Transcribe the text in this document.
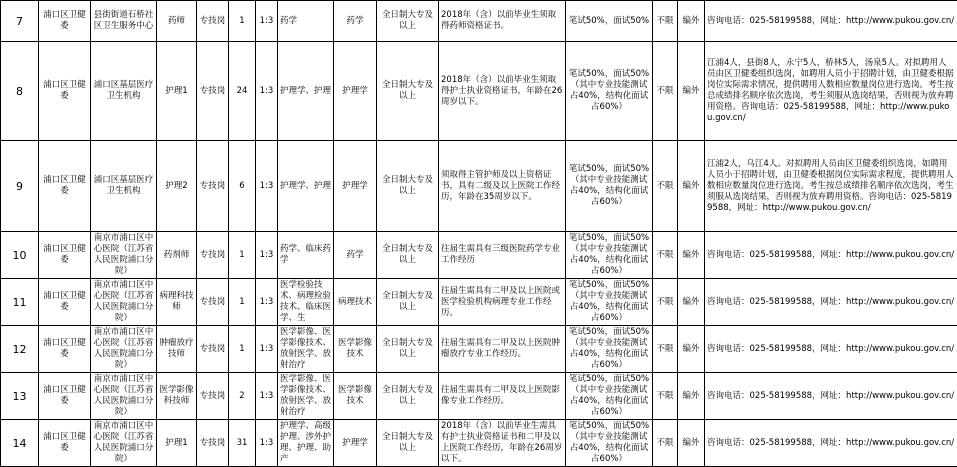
7	浦口区卫健委	县街街道石桥社区卫生服务中心	药师	专技岗	1	1:3	药学	药学	全日制大专及以上	2018年（含）以前毕业生须取得药师资格证书。	笔试50%，面试50%	不限	编外	咨询电话：025-58199588，网址：http://www.pukou.gov.cn/
8	浦口区卫健委	浦口区基层医疗卫生机构	护理1	专技岗	24	1:3	护理学、护理	护理学	全日制大专及以上	2018年（含）以前毕业生须取得护士执业资格证书，年龄在26周岁以下。	笔试50%，面试50%（其中专业技能测试占40%，结构化面试占60%）	不限	编外	江浦4人，县街8人，永宁5人，桥林5人，汤泉5人。对拟聘用人员由区卫健委组织选岗，如聘用人员小于招聘计划，由卫健委根据岗位实际需求情况，提供聘用人数相应数量岗位进行选岗。考生按总成绩排名顺序依次选岗，考生须服从选岗结果，否则视为放弃聘用资格。咨询电话：025-58199588，网址：http://www.pukou.gov.cn/
9	浦口区卫健委	浦口区基层医疗卫生机构	护理2	专技岗	6	1:3	护理学、护理	护理学	全日制大专及以上	须取得主管护师及以上资格证书，具有二级及以上医院工作经历，年龄在35周岁以下。	笔试50%，面试50%（其中专业技能测试占40%，结构化面试占60%）	不限	编外	江浦2人，乌江4人。对拟聘用人员由区卫健委组织选岗，如聘用人员小于招聘计划，由卫健委根据岗位实际需求程度，提供聘用人数相应数量岗位进行选岗。考生按总成绩排名顺序依次选岗，考生须服从选岗结果，否则视为放弃聘用资格。咨询电话：025-58199588，网址：http://www.pukou.gov.cn/
10	浦口区卫健委	南京市浦口区中心医院（江苏省人民医院浦口分院）	药剂师	专技岗	1	1:3	药学、临床药学	药学	全日制大专及以上	往届生需具有三级医院药学专业工作经历	笔试50%，面试50%（其中专业技能测试占40%，结构化面试占60%）	不限	编外	咨询电话：025-58199588，网址：http://www.pukou.gov.cn/
11	浦口区卫健委	南京市浦口区中心医院（江苏省人民医院浦口分院）	病理科技师	专技岗	1	1:3	医学检验技术、病理检验技术、临床医学、生	病理技术	全日制大专及以上	往届生需具有二甲及以上医院或医学检验机构病理专业工作经历。	笔试50%，面试50%（其中专业技能测试占40%，结构化面试占60%）	不限	编外	咨询电话：025-58199588，网址：http://www.pukou.gov.cn/
12	浦口区卫健委	南京市浦口区中心医院（江苏省人民医院浦口分院）	肿瘤放疗技师	专技岗	1	1:3	医学影像、医学影像技术、放射医学、放射治疗	医学影像技术	全日制大专及以上	往届生需具有二甲及以上医院肿瘤放疗专业工作经历。	笔试50%，面试50%（其中专业技能测试占40%，结构化面试占60%）	不限	编外	咨询电话：025-58199588，网址：http://www.pukou.gov.cn/
13	浦口区卫健委	南京市浦口区中心医院（江苏省人民医院浦口分院）	医学影像科技师	专技岗	2	1:3	医学影像、医学影像技术、放射医学、放射治疗	医学影像技术	全日制大专及以上	往届生需具有二甲及以上医院影像专业工作经历。	笔试50%，面试50%（其中专业技能测试占40%，结构化面试占60%）	不限	编外	咨询电话：025-58199588，网址：http://www.pukou.gov.cn/
14	浦口区卫健委	南京市浦口区中心医院（江苏省人民医院浦口分院）	护理1	专技岗	31	1:3	护理学、高级护理、涉外护理、护理、助产	护理学	全日制大专及以上	2018年（含）以前毕业生需具有护士执业资格证书和二甲及以上医院工作经历，年龄在26周岁以下。	笔试50%，面试50%（其中专业技能测试占40%，结构化面试占60%）	不限	编外	咨询电话：025-58199588，网址：http://www.pukou.gov.cn/
